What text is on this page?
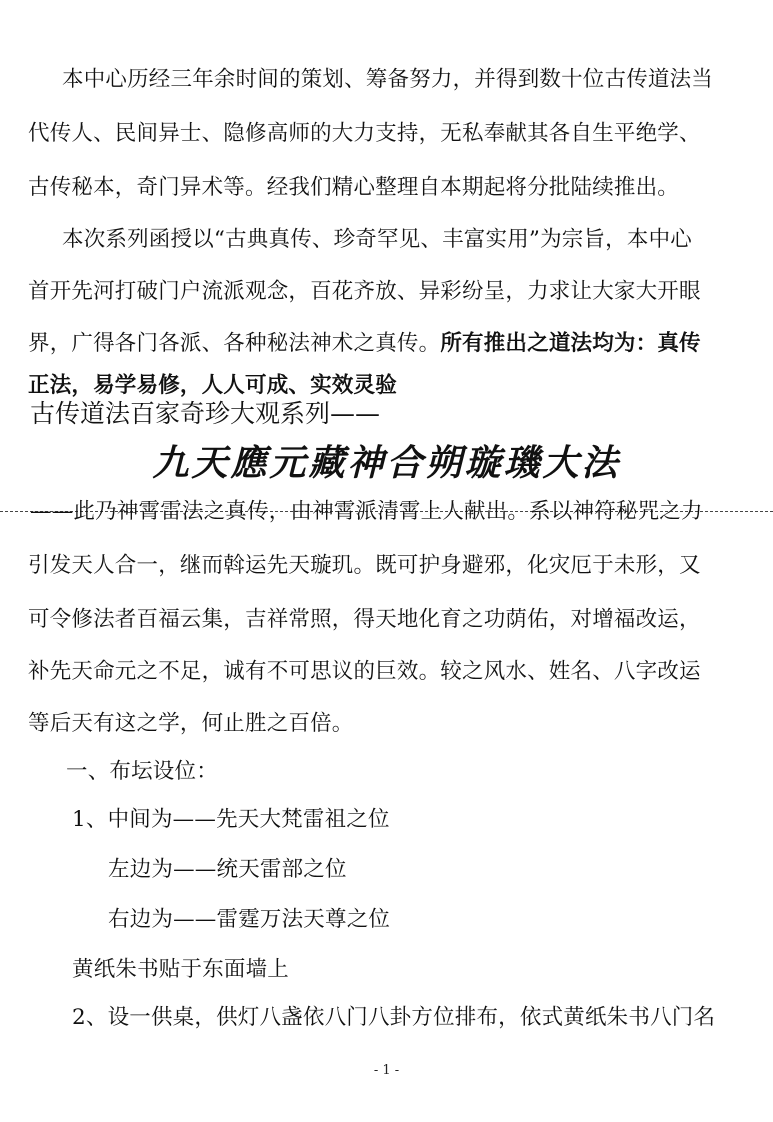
本中心历经三年余时间的策划、筹备努力，并得到数十位古传道法当
代传人、民间异士、隐修高师的大力支持，无私奉献其各自生平绝学、
古传秘本，奇门异术等。经我们精心整理自本期起将分批陆续推出。
本次系列函授以“古典真传、珍奇罕见、丰富实用”为宗旨，本中心
首开先河打破门户流派观念，百花齐放、异彩纷呈，力求让大家大开眼
界，广得各门各派、各种秘法神术之真传。所有推出之道法均为：真传
正法，易学易修，人人可成、实效灵验
古传道法百家奇珍大观系列——
九天應元藏神合朔璇璣大法
——此乃神霄雷法之真传，由神霄派清霄上人献出。系以神符秘咒之力
引发天人合一，继而斡运先天璇玑。既可护身避邪，化灾厄于未形，又
可令修法者百福云集，吉祥常照，得天地化育之功荫佑，对增福改运，
补先天命元之不足，诚有不可思议的巨效。较之风水、姓名、八字改运
等后天有这之学，何止胜之百倍。
一、布坛设位：
1、中间为——先天大梵雷祖之位
左边为——统天雷部之位
右边为——雷霆万法天尊之位
黄纸朱书贴于东面墙上
2、设一供桌，供灯八盏依八门八卦方位排布，依式黄纸朱书八门名
- 1 -
